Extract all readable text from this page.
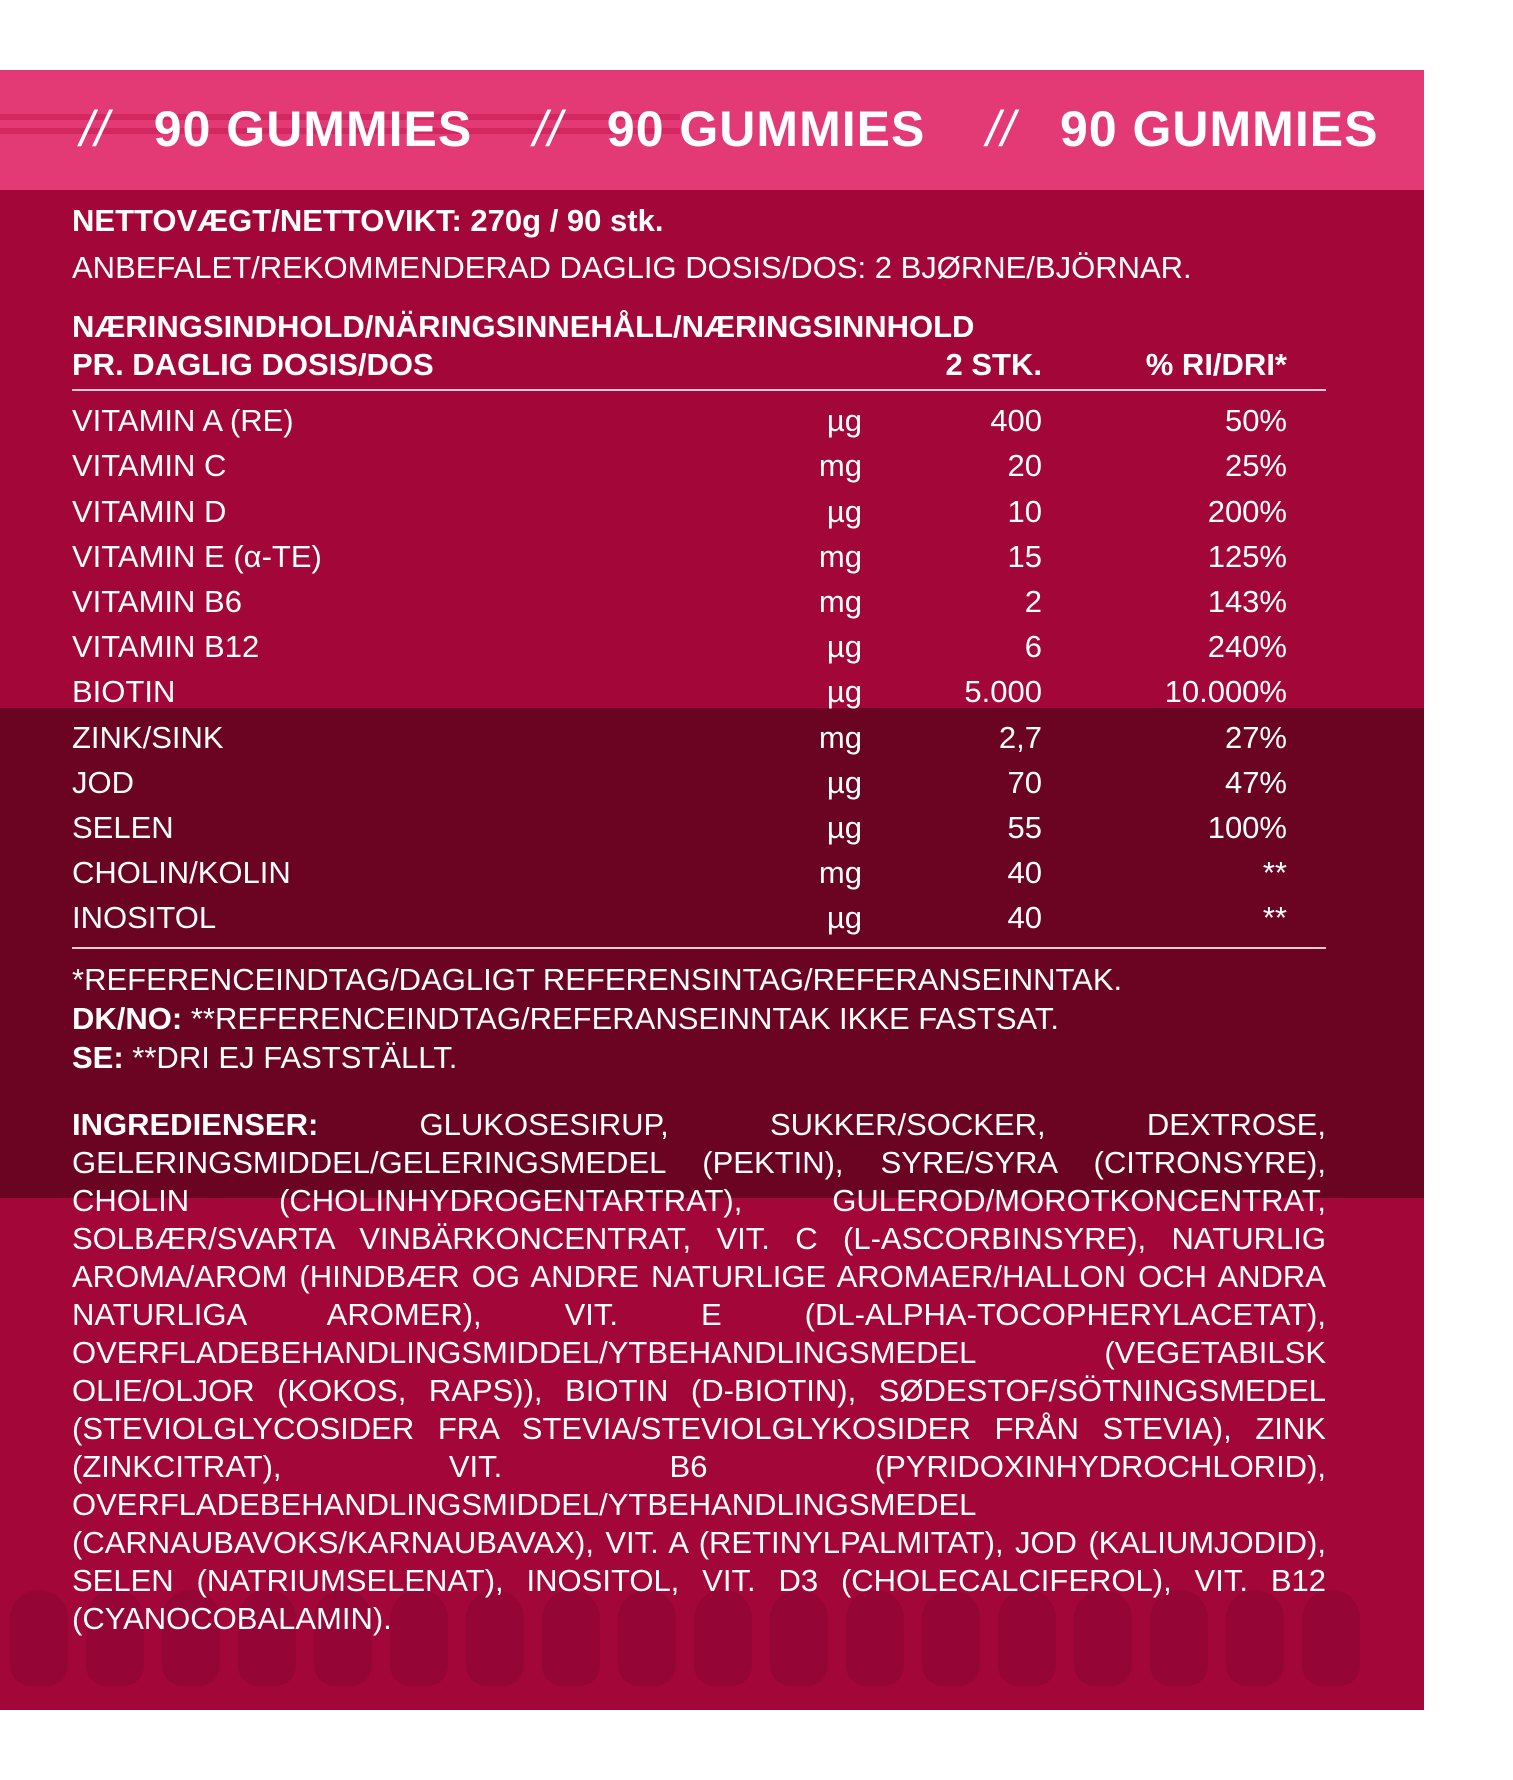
// 90 GUMMIES // 90 GUMMIES // 90 GUMMIES //

NETTOVÆGT/NETTOVIKT: 270g / 90 stk.

ANBEFALET/REKOMMENDERAD DAGLIG DOSIS/DOS: 2 BJØRNE/BJÖRNAR.

NÆRINGSINDHOLD/NÄRINGSINNEHÅLL/NÆRINGSINNHOLD

PR. DAGLIG DOSIS/DOS	2 STK.	% RI/DRI*
VITAMIN A (RE)	µg	400	50%
VITAMIN C	mg	20	25%
VITAMIN D	µg	10	200%
VITAMIN E (α-TE)	mg	15	125%
VITAMIN B6	mg	2	143%
VITAMIN B12	µg	6	240%
BIOTIN	µg	5.000	10.000%
ZINK/SINK	mg	2,7	27%
JOD	µg	70	47%
SELEN	µg	55	100%
CHOLIN/KOLIN	mg	40	**
INOSITOL	µg	40	**

*REFERENCEINDTAG/DAGLIGT REFERENSINTAG/REFERANSEINNTAK.

DK/NO: **REFERENCEINDTAG/REFERANSEINNTAK IKKE FASTSAT.

SE: **DRI EJ FASTSTÄLLT.

INGREDIENSER: GLUKOSESIRUP, SUKKER/SOCKER, DEXTROSE, GELERINGSMIDDEL/GELERINGSMEDEL (PEKTIN), SYRE/SYRA (CITRONSYRE), CHOLIN (CHOLINHYDROGENTARTRAT), GULEROD/MOROTKONCENTRAT, SOLBÆR/SVARTA VINBÄRKONCENTRAT, VIT. C (L-ASCORBINSYRE), NATURLIG AROMA/AROM (HINDBÆR OG ANDRE NATURLIGE AROMAER/HALLON OCH ANDRA NATURLIGA AROMER), VIT. E (DL-ALPHA-TOCOPHERYLACETAT), OVERFLADEBEHANDLINGSMIDDEL/YTBEHANDLINGSMEDEL (VEGETABILSK OLIE/OLJOR (KOKOS, RAPS)), BIOTIN (D-BIOTIN), SØDESTOF/SÖTNINGSMEDEL (STEVIOLGLYCOSIDER FRA STEVIA/STEVIOLGLYKOSIDER FRÅN STEVIA), ZINK (ZINKCITRAT), VIT. B6 (PYRIDOXINHYDROCHLORID), OVERFLADEBEHANDLINGSMIDDEL/YTBEHANDLINGSMEDEL (CARNAUBAVOKS/KARNAUBAVAX), VIT. A (RETINYLPALMITAT), JOD (KALIUMJODID), SELEN (NATRIUMSELENAT), INOSITOL, VIT. D3 (CHOLECALCIFEROL), VIT. B12 (CYANOCOBALAMIN).
